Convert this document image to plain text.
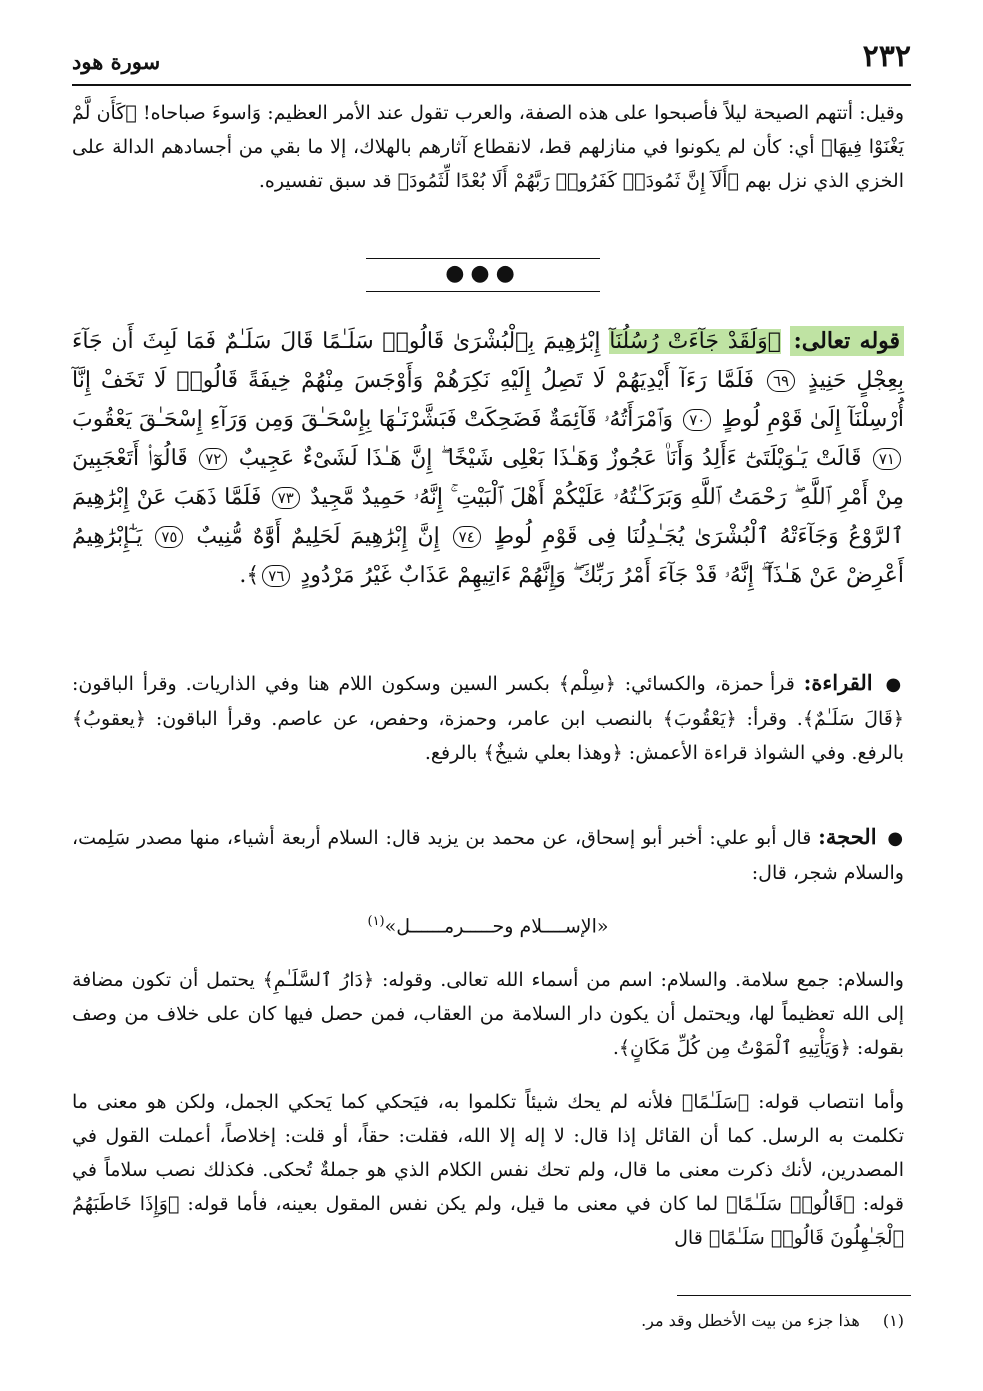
٢٣٢
سورة هود

وقيل: أتتهم الصيحة ليلاً فأصبحوا على هذه الصفة، والعرب تقول عند الأمر العظيم: وَاسوءَ صباحاه! ﴿كَأَن لَّمْ يَغْنَوْا فِيهَا﴾ أي: كأن لم يكونوا في منازلهم قط، لانقطاع آثارهم بالهلاك، إلا ما بقي من أجسادهم الدالة على الخزي الذي نزل بهم ﴿أَلَآ إِنَّ ثَمُودَا۟ كَفَرُوا۟ رَبَّهُمْ أَلَا بُعْدًا لِّثَمُودَ﴾ قد سبق تفسيره.

●●●

قوله تعالى: ﴿وَلَقَدْ جَآءَتْ رُسُلُنَآ إِبْرَٰهِيمَ بِٱلْبُشْرَىٰ قَالُوا۟ سَلَـٰمًا قَالَ سَلَـٰمٌ فَمَا لَبِثَ أَن جَآءَ بِعِجْلٍ حَنِيذٍ ٦٩ فَلَمَّا رَءَآ أَيْدِيَهُمْ لَا تَصِلُ إِلَيْهِ نَكِرَهُمْ وَأَوْجَسَ مِنْهُمْ خِيفَةً قَالُوا۟ لَا تَخَفْ إِنَّآ أُرْسِلْنَآ إِلَىٰ قَوْمِ لُوطٍ ٧٠ وَٱمْرَأَتُهُۥ قَآئِمَةٌ فَضَحِكَتْ فَبَشَّرْنَـٰهَا بِإِسْحَـٰقَ وَمِن وَرَآءِ إِسْحَـٰقَ يَعْقُوبَ ٧١ قَالَتْ يَـٰوَيْلَتَىٰٓ ءَأَلِدُ وَأَنَا۠ عَجُوزٌ وَهَـٰذَا بَعْلِى شَيْخًا ۖ إِنَّ هَـٰذَا لَشَىْءٌ عَجِيبٌ ٧٢ قَالُوٓا۟ أَتَعْجَبِينَ مِنْ أَمْرِ ٱللَّهِ ۖ رَحْمَتُ ٱللَّهِ وَبَرَكَـٰتُهُۥ عَلَيْكُمْ أَهْلَ ٱلْبَيْتِ ۚ إِنَّهُۥ حَمِيدٌ مَّجِيدٌ ٧٣ فَلَمَّا ذَهَبَ عَنْ إِبْرَٰهِيمَ ٱلرَّوْعُ وَجَآءَتْهُ ٱلْبُشْرَىٰ يُجَـٰدِلُنَا فِى قَوْمِ لُوطٍ ٧٤ إِنَّ إِبْرَٰهِيمَ لَحَلِيمٌ أَوَّٰهٌ مُّنِيبٌ ٧٥ يَـٰٓإِبْرَٰهِيمُ أَعْرِضْ عَنْ هَـٰذَآ ۖ إِنَّهُۥ قَدْ جَآءَ أَمْرُ رَبِّكَ ۖ وَإِنَّهُمْ ءَاتِيهِمْ عَذَابٌ غَيْرُ مَرْدُودٍ ٧٦﴾.

● القراءة: قرأ حمزة، والكسائي: ﴿سِلْم﴾ بكسر السين وسكون اللام هنا وفي الذاريات. وقرأ الباقون: ﴿قَالَ سَلَـٰمٌ﴾. وقرأ: ﴿يَعْقُوبَ﴾ بالنصب ابن عامر، وحمزة، وحفص، عن عاصم. وقرأ الباقون: ﴿يعقوبُ﴾ بالرفع. وفي الشواذ قراءة الأعمش: ﴿وهذا بعلي شيخٌ﴾ بالرفع.

● الحجة: قال أبو علي: أخبر أبو إسحاق، عن محمد بن يزيد قال: السلام أربعة أشياء، منها مصدر سَلِمت، والسلام شجر، قال:

«الإســــلام وحـــــرمــــــل»$^{(١)}$

والسلام: جمع سلامة. والسلام: اسم من أسماء الله تعالى. وقوله: ﴿دَارُ ٱلسَّلَـٰمِ﴾ يحتمل أن تكون مضافة إلى الله تعظيماً لها، ويحتمل أن يكون دار السلامة من العقاب، فمن حصل فيها كان على خلاف من وصف بقوله: ﴿وَيَأْتِيهِ ٱلْمَوْتُ مِن كُلِّ مَكَانٍ﴾.

وأما انتصاب قوله: ﴿سَلَـٰمًا﴾ فلأنه لم يحك شيئاً تكلموا به، فيَحكي كما يَحكي الجمل، ولكن هو معنى ما تكلمت به الرسل. كما أن القائل إذا قال: لا إله إلا الله، فقلت: حقاً، أو قلت: إخلاصاً، أعملت القول في المصدرين، لأنك ذكرت معنى ما قال، ولم تحك نفس الكلام الذي هو جملةٌ تُحكى. فكذلك نصب سلاماً في قوله: ﴿قَالُوا۟ سَلَـٰمًا﴾ لما كان في معنى ما قيل، ولم يكن نفس المقول بعينه، فأما قوله: ﴿وَإِذَا خَاطَبَهُمُ ٱلْجَـٰهِلُونَ قَالُوا۟ سَلَـٰمًا﴾ قال

(١) هذا جزء من بيت الأخطل وقد مر.
